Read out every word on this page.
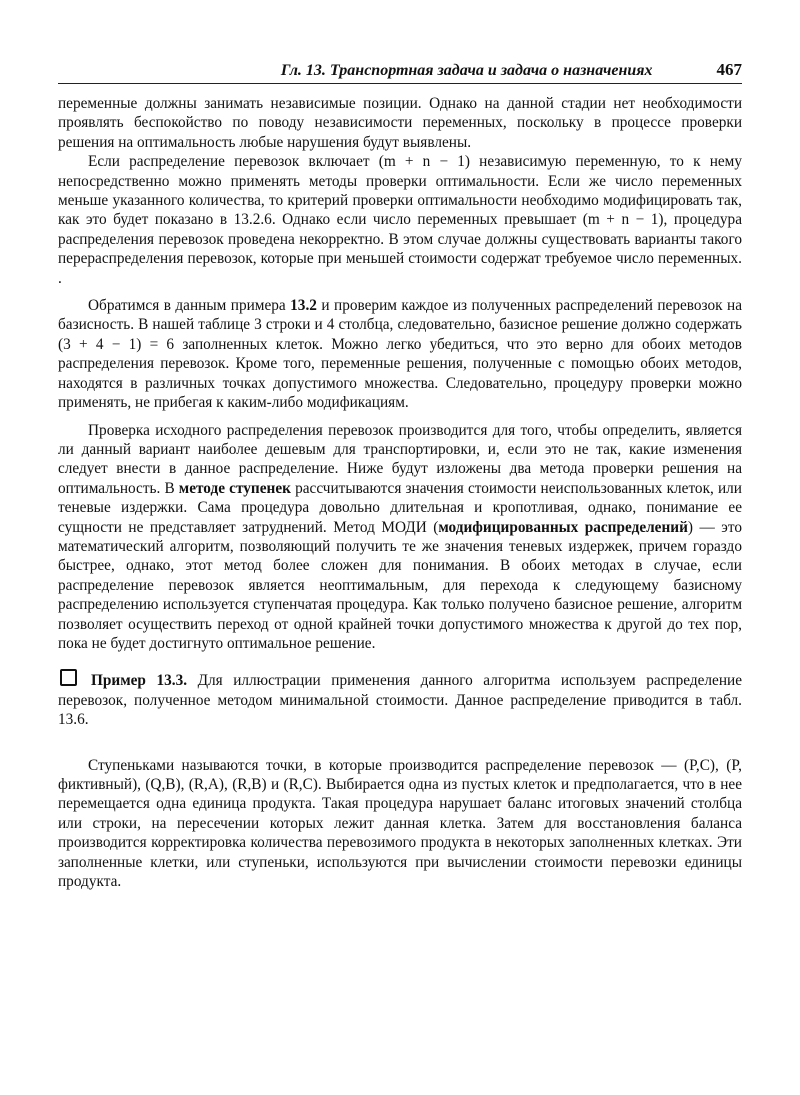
Гл. 13. Транспортная задача и задача о назначениях	467

переменные должны занимать независимые позиции. Однако на данной стадии нет необходимости проявлять беспокойство по поводу независимости переменных, поскольку в процессе проверки решения на оптимальность любые нарушения будут выявлены.

Если распределение перевозок включает (m + n − 1) независимую переменную, то к нему непосредственно можно применять методы проверки оптимальности. Если же число переменных меньше указанного количества, то критерий проверки оптимальности необходимо модифицировать так, как это будет показано в 13.2.6. Однако если число переменных превышает (m + n − 1), процедура распределения перевозок проведена некорректно. В этом случае должны существовать варианты такого перераспределения перевозок, которые при меньшей стоимости содержат требуемое число переменных. .

Обратимся в данным примера 13.2 и проверим каждое из полученных распределений перевозок на базисность. В нашей таблице 3 строки и 4 столбца, следовательно, базисное решение должно содержать (3 + 4 − 1) = 6 заполненных клеток. Можно легко убедиться, что это верно для обоих методов распределения перевозок. Кроме того, переменные решения, полученные с помощью обоих методов, находятся в различных точках допустимого множества. Следовательно, процедуру проверки можно применять, не прибегая к каким-либо модификациям.

Проверка исходного распределения перевозок производится для того, чтобы определить, является ли данный вариант наиболее дешевым для транспортировки, и, если это не так, какие изменения следует внести в данное распределение. Ниже будут изложены два метода проверки решения на оптимальность. В методе ступенек рассчитываются значения стоимости неиспользованных клеток, или теневые издержки. Сама процедура довольно длительная и кропотливая, однако, понимание ее сущности не представляет затруднений. Метод МОДИ (модифицированных распределений) — это математический алгоритм, позволяющий получить те же значения теневых издержек, причем гораздо быстрее, однако, этот метод более сложен для понимания. В обоих методах в случае, если распределение перевозок является неоптимальным, для перехода к следующему базисному распределению используется ступенчатая процедура. Как только получено базисное решение, алгоритм позволяет осуществить переход от одной крайней точки допустимого множества к другой до тех пор, пока не будет достигнуто оптимальное решение.

Пример 13.3. Для иллюстрации применения данного алгоритма используем распределение перевозок, полученное методом минимальной стоимости. Данное распределение приводится в табл. 13.6.

Ступеньками называются точки, в которые производится распределение перевозок — (P,C), (P, фиктивный), (Q,B), (R,A), (R,B) и (R,C). Выбирается одна из пустых клеток и предполагается, что в нее перемещается одна единица продукта. Такая процедура нарушает баланс итоговых значений столбца или строки, на пересечении которых лежит данная клетка. Затем для восстановления баланса производится корректировка количества перевозимого продукта в некоторых заполненных клетках. Эти заполненные клетки, или ступеньки, используются при вычислении стоимости перевозки единицы продукта.
